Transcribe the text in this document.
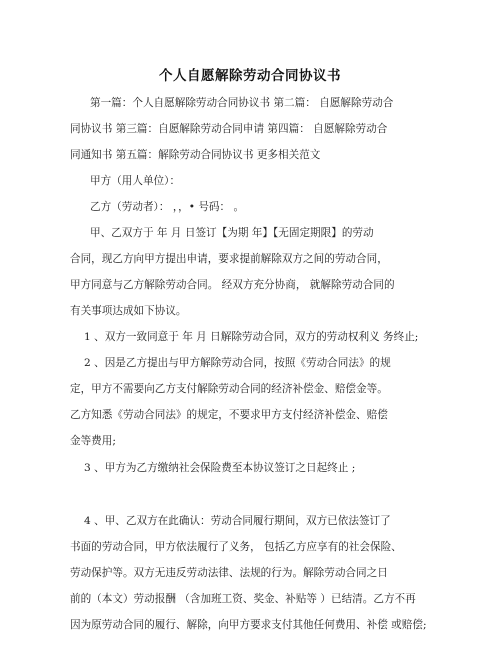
个人自愿解除劳动合同协议书
第一篇：个人自愿解除劳动合同协议书 第二篇： 自愿解除劳动合
同协议书 第三篇：自愿解除劳动合同申请 第四篇： 自愿解除劳动合
同通知书 第五篇：解除劳动合同协议书 更多相关范文
甲方（用人单位）：
乙方（劳动者）： ，，• 号码： 。
甲、乙双方于 年 月 日签订【为期 年】【无固定期限】的劳动
合同，现乙方向甲方提出申请，要求提前解除双方之间的劳动合同，
甲方同意与乙方解除劳动合同。 经双方充分协商， 就解除劳动合同的
有关事项达成如下协议。
1 、双方一致同意于 年 月 日解除劳动合同，双方的劳动权利义 务终止;
2 、因是乙方提出与甲方解除劳动合同，按照《劳动合同法》的规
定，甲方不需要向乙方支付解除劳动合同的经济补偿金、赔偿金等。
乙方知悉《劳动合同法》的规定，不要求甲方支付经济补偿金、赔偿
金等费用;
3 、甲方为乙方缴纳社会保险费至本协议签订之日起终止 ;
4 、甲、乙双方在此确认：劳动合同履行期间，双方已依法签订了
书面的劳动合同，甲方依法履行了义务， 包括乙方应享有的社会保险、
劳动保护等。双方无违反劳动法律、法规的行为。解除劳动合同之日
前的（本文）劳动报酬 （含加班工资、奖金、补贴等 ）已结清。乙方不再
因为原劳动合同的履行、解除，向甲方要求支付其他任何费用、补偿 或赔偿;
